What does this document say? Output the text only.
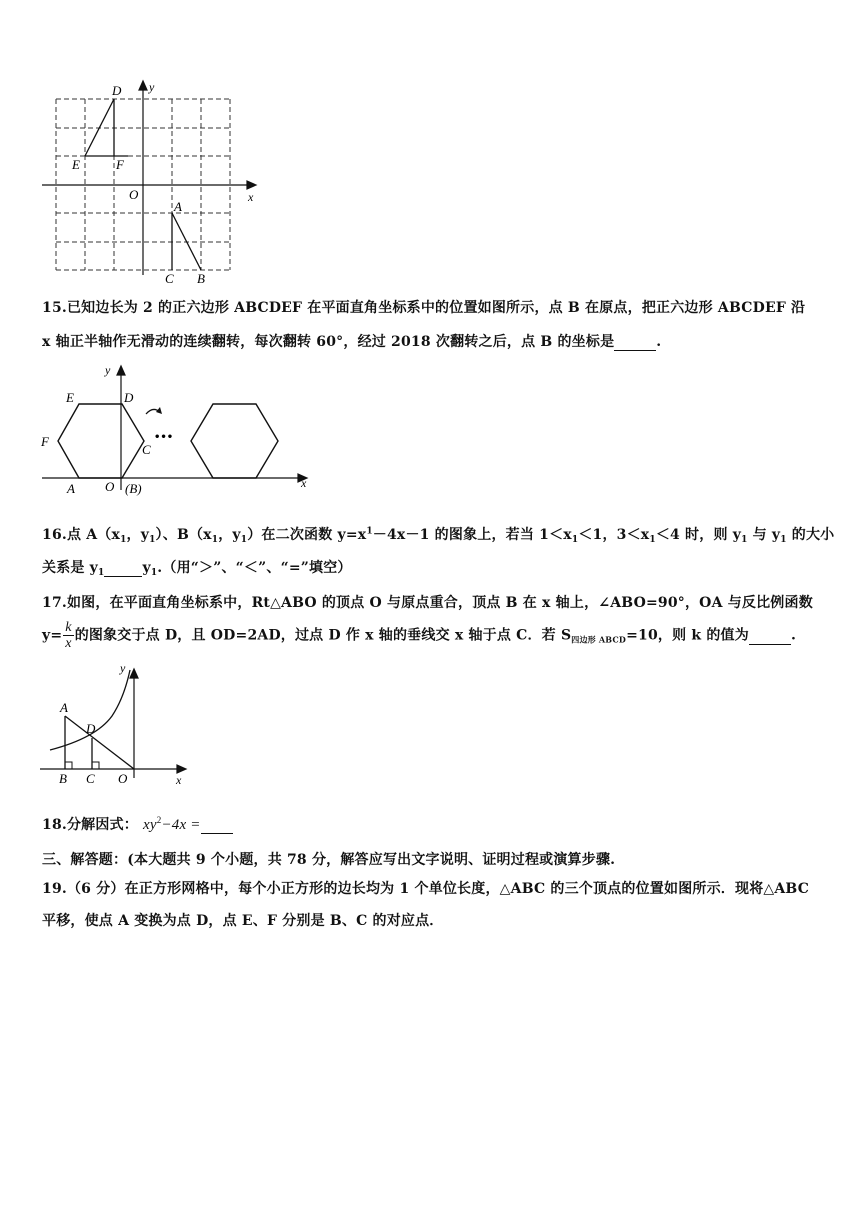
D y
E	F
O	x
A
C B
15.已知边长为 2 的正六边形 ABCDEF 在平面直角坐标系中的位置如图所示，点 B 在原点，把正六边形 ABCDEF 沿
x 轴正半轴作无滑动的连续翻转，每次翻转 60°，经过 2018 次翻转之后，点 B 的坐标是	.
•••
y
E	D
F
C
A O (B)	x
16.点 $A(x_1$，$y_1$）、$B(x_1$，$y_1$）在二次函数 $y=x^1-4x-1$ 的图象上，若当 $1<x_1<1$，$3<x_1<4$ 时，则 $y_1$ 与 $y_1$ 的大小
关系是 $y_1$	$y_1$.（用“＞”、“＜”、“=”填空）
17.如图，在平面直角坐标系中，Rt△ABO 的顶点 O 与原点重合，顶点 B 在 x 轴上，∠ABO=90°，OA 与反比例函数
$y= \frac{k}{x}$ 的图象交于点 D，且 OD=2AD，过点 D 作 x 轴的垂线交 x 轴于点 C．若 $S_{四边形 ABCD}=10$，则 k 的值为	.
y
A
D
B C O	x
18.分解因式： $xy^2-4x$ =
三、解答题：(本大题共 9 个小题，共 78 分，解答应写出文字说明、证明过程或演算步骤.
19.（6 分）在正方形网格中，每个小正方形的边长均为 1 个单位长度，△ABC 的三个顶点的位置如图所示．现将△ABC
平移，使点 A 变换为点 D，点 E、F 分别是 B、C 的对应点．
